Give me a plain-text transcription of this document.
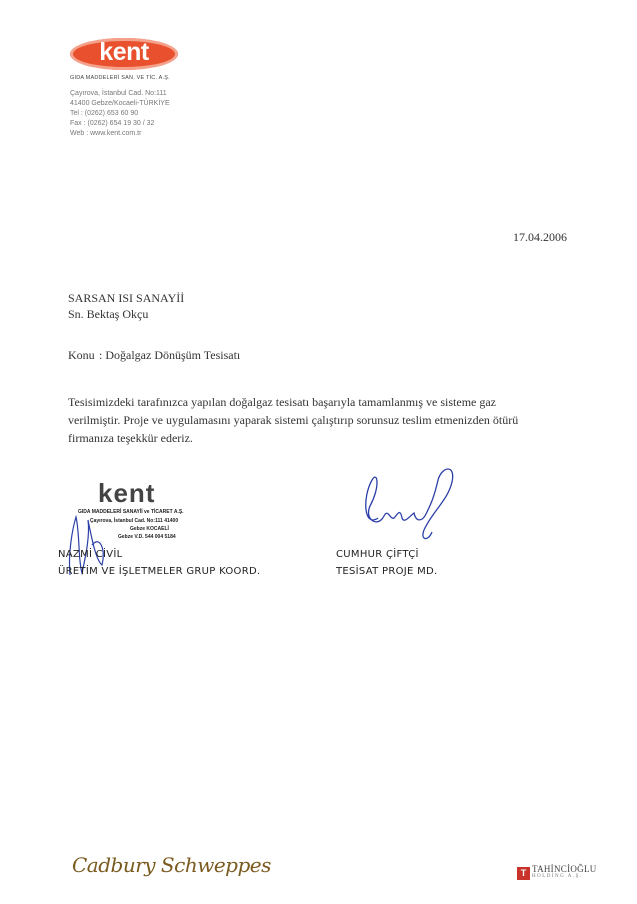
kent
GIDA MADDELERİ SAN. VE TİC. A.Ş.
Çayırova, İstanbul Cad. No:111
41400 Gebze/Kocaeli-TÜRKİYE
Tel : (0262) 653 60 90
Fax : (0262) 654 19 30 / 32
Web : www.kent.com.tr
17.04.2006
SARSAN ISI SANAYİİ
Sn. Bektaş Okçu
Konu : Doğalgaz Dönüşüm Tesisatı
Tesisimizdeki tarafınızca yapılan doğalgaz tesisatı başarıyla tamamlanmış ve sisteme gaz
verilmiştir. Proje ve uygulamasını yaparak sistemi çalıştırıp sorunsuz teslim etmenizden ötürü
firmanıza teşekkür ederiz.
kent
GIDA MADDELERİ SANAYİİ ve TİCARET A.Ş.
Çayırova, İstanbul Cad. No:111 41400
Gebze KOCAELİ
Gebze V.D. 544 004 5184
NAZMİ CİVİL
ÜRETİM VE İŞLETMELER GRUP KOORD.
CUMHUR ÇİFTÇİ
TESİSAT PROJE MD.
Cadbury Schweppes	T TAHİNCİOĞLU
HOLDİNG A.Ş.
